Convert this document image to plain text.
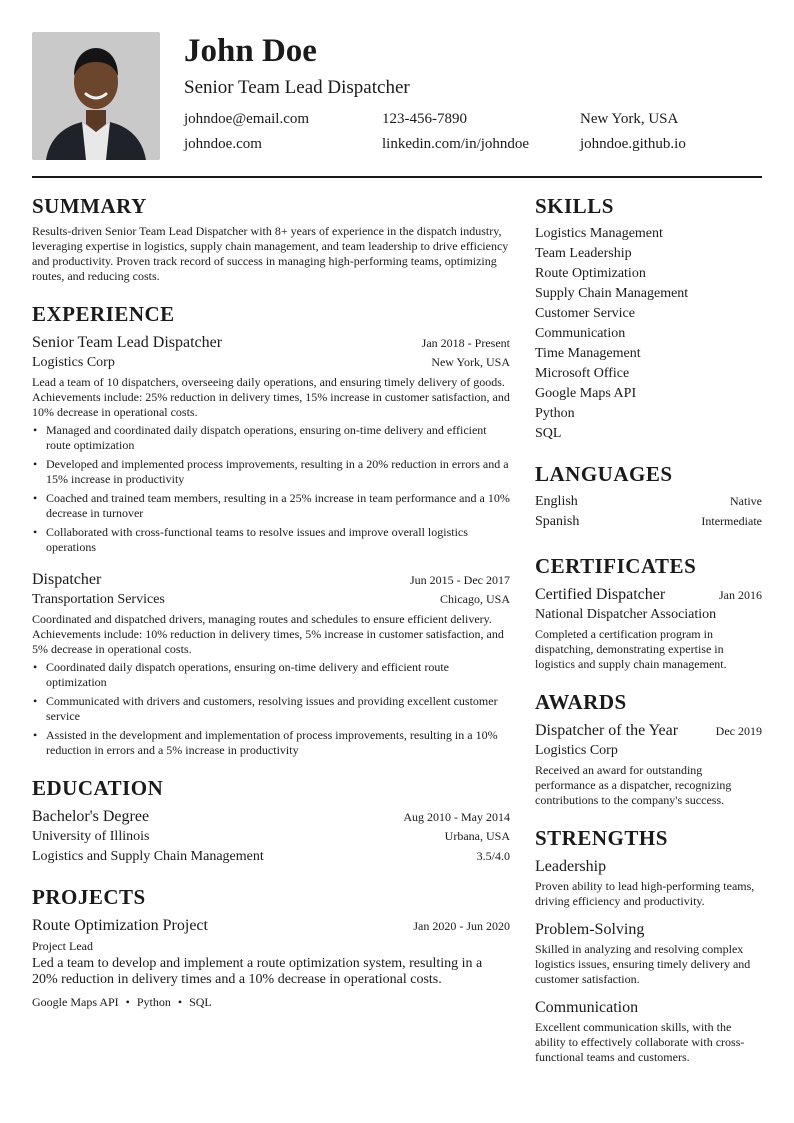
John Doe
Senior Team Lead Dispatcher
johndoe@email.com	123-456-7890	New York, USA
johndoe.com	linkedin.com/in/johndoe	johndoe.github.io
SUMMARY
Results-driven Senior Team Lead Dispatcher with 8+ years of experience in the dispatch industry, leveraging expertise in logistics, supply chain management, and team leadership to drive efficiency and productivity. Proven track record of success in managing high-performing teams, optimizing routes, and reducing costs.
EXPERIENCE
Senior Team Lead Dispatcher	Jan 2018 - Present
Logistics Corp	New York, USA
Lead a team of 10 dispatchers, overseeing daily operations, and ensuring timely delivery of goods. Achievements include: 25% reduction in delivery times, 15% increase in customer satisfaction, and 10% decrease in operational costs.
• Managed and coordinated daily dispatch operations, ensuring on-time delivery and efficient route optimization
• Developed and implemented process improvements, resulting in a 20% reduction in errors and a 15% increase in productivity
• Coached and trained team members, resulting in a 25% increase in team performance and a 10% decrease in turnover
• Collaborated with cross-functional teams to resolve issues and improve overall logistics operations
Dispatcher	Jun 2015 - Dec 2017
Transportation Services	Chicago, USA
Coordinated and dispatched drivers, managing routes and schedules to ensure efficient delivery. Achievements include: 10% reduction in delivery times, 5% increase in customer satisfaction, and 5% decrease in operational costs.
• Coordinated daily dispatch operations, ensuring on-time delivery and efficient route optimization
• Communicated with drivers and customers, resolving issues and providing excellent customer service
• Assisted in the development and implementation of process improvements, resulting in a 10% reduction in errors and a 5% increase in productivity
EDUCATION
Bachelor's Degree	Aug 2010 - May 2014
University of Illinois	Urbana, USA
Logistics and Supply Chain Management	3.5/4.0
PROJECTS
Route Optimization Project	Jan 2020 - Jun 2020
Project Lead
Led a team to develop and implement a route optimization system, resulting in a 20% reduction in delivery times and a 10% decrease in operational costs.
Google Maps API • Python • SQL
SKILLS
Logistics Management
Team Leadership
Route Optimization
Supply Chain Management
Customer Service
Communication
Time Management
Microsoft Office
Google Maps API
Python
SQL
LANGUAGES
English	Native
Spanish	Intermediate
CERTIFICATES
Certified Dispatcher	Jan 2016
National Dispatcher Association
Completed a certification program in dispatching, demonstrating expertise in logistics and supply chain management.
AWARDS
Dispatcher of the Year	Dec 2019
Logistics Corp
Received an award for outstanding performance as a dispatcher, recognizing contributions to the company's success.
STRENGTHS
Leadership
Proven ability to lead high-performing teams, driving efficiency and productivity.
Problem-Solving
Skilled in analyzing and resolving complex logistics issues, ensuring timely delivery and customer satisfaction.
Communication
Excellent communication skills, with the ability to effectively collaborate with cross-functional teams and customers.
